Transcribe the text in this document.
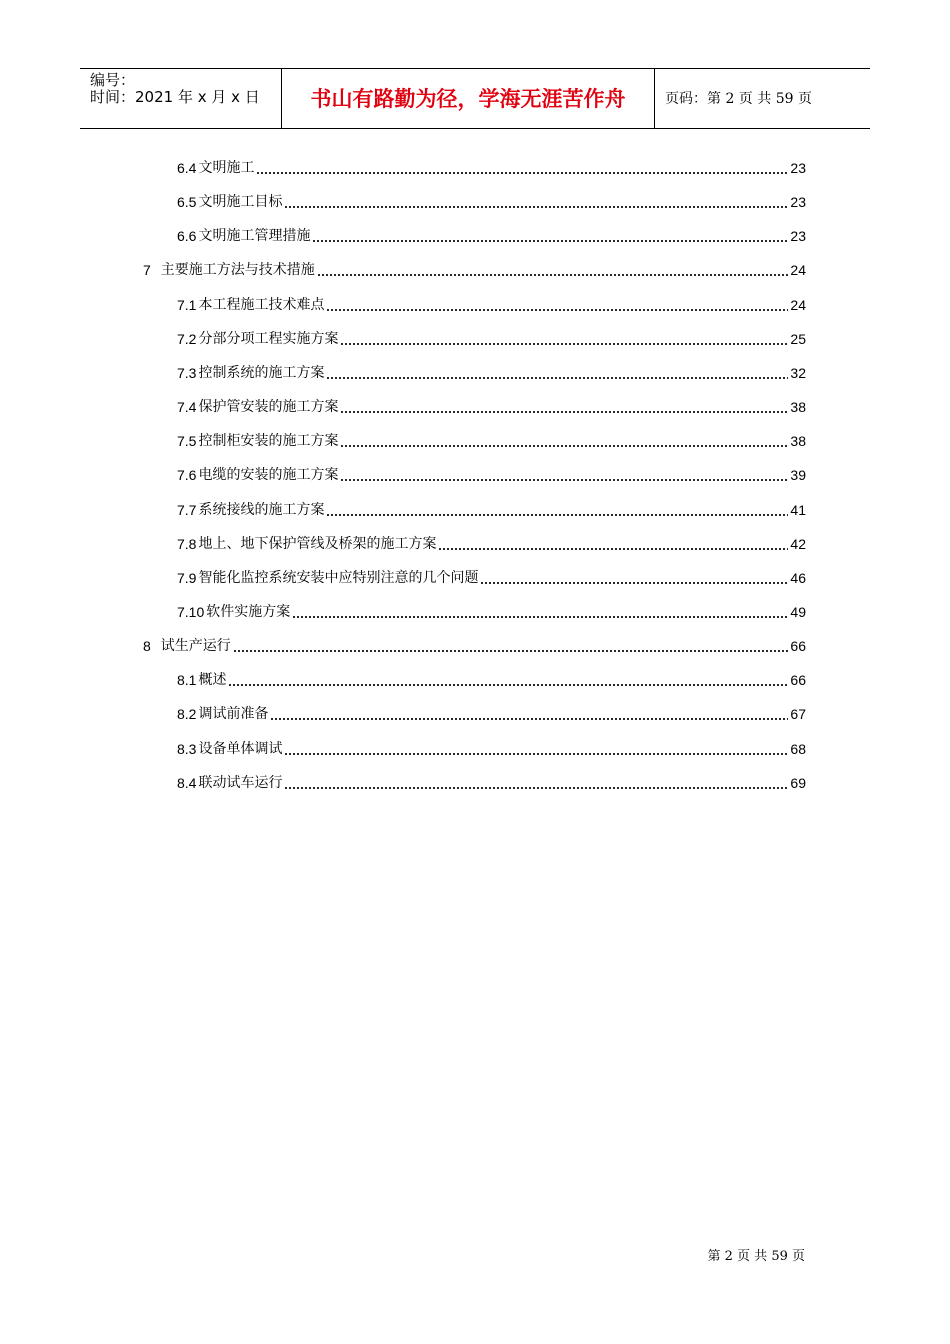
编号：
时间：2021 年 x 月 x 日	书山有路勤为径，学海无涯苦作舟	页码：第 2 页 共 59 页
6.4 文明施工	23
6.5 文明施工目标	23
6.6 文明施工管理措施	23
7 主要施工方法与技术措施	24
7.1 本工程施工技术难点	24
7.2 分部分项工程实施方案	25
7.3 控制系统的施工方案	32
7.4 保护管安装的施工方案	38
7.5 控制柜安装的施工方案	38
7.6 电缆的安装的施工方案	39
7.7 系统接线的施工方案	41
7.8 地上、地下保护管线及桥架的施工方案	42
7.9 智能化监控系统安装中应特别注意的几个问题	46
7.10 软件实施方案	49
8 试生产运行	66
8.1 概述	66
8.2 调试前准备	67
8.3 设备单体调试	68
8.4 联动试车运行	69
第 2 页 共 59 页
